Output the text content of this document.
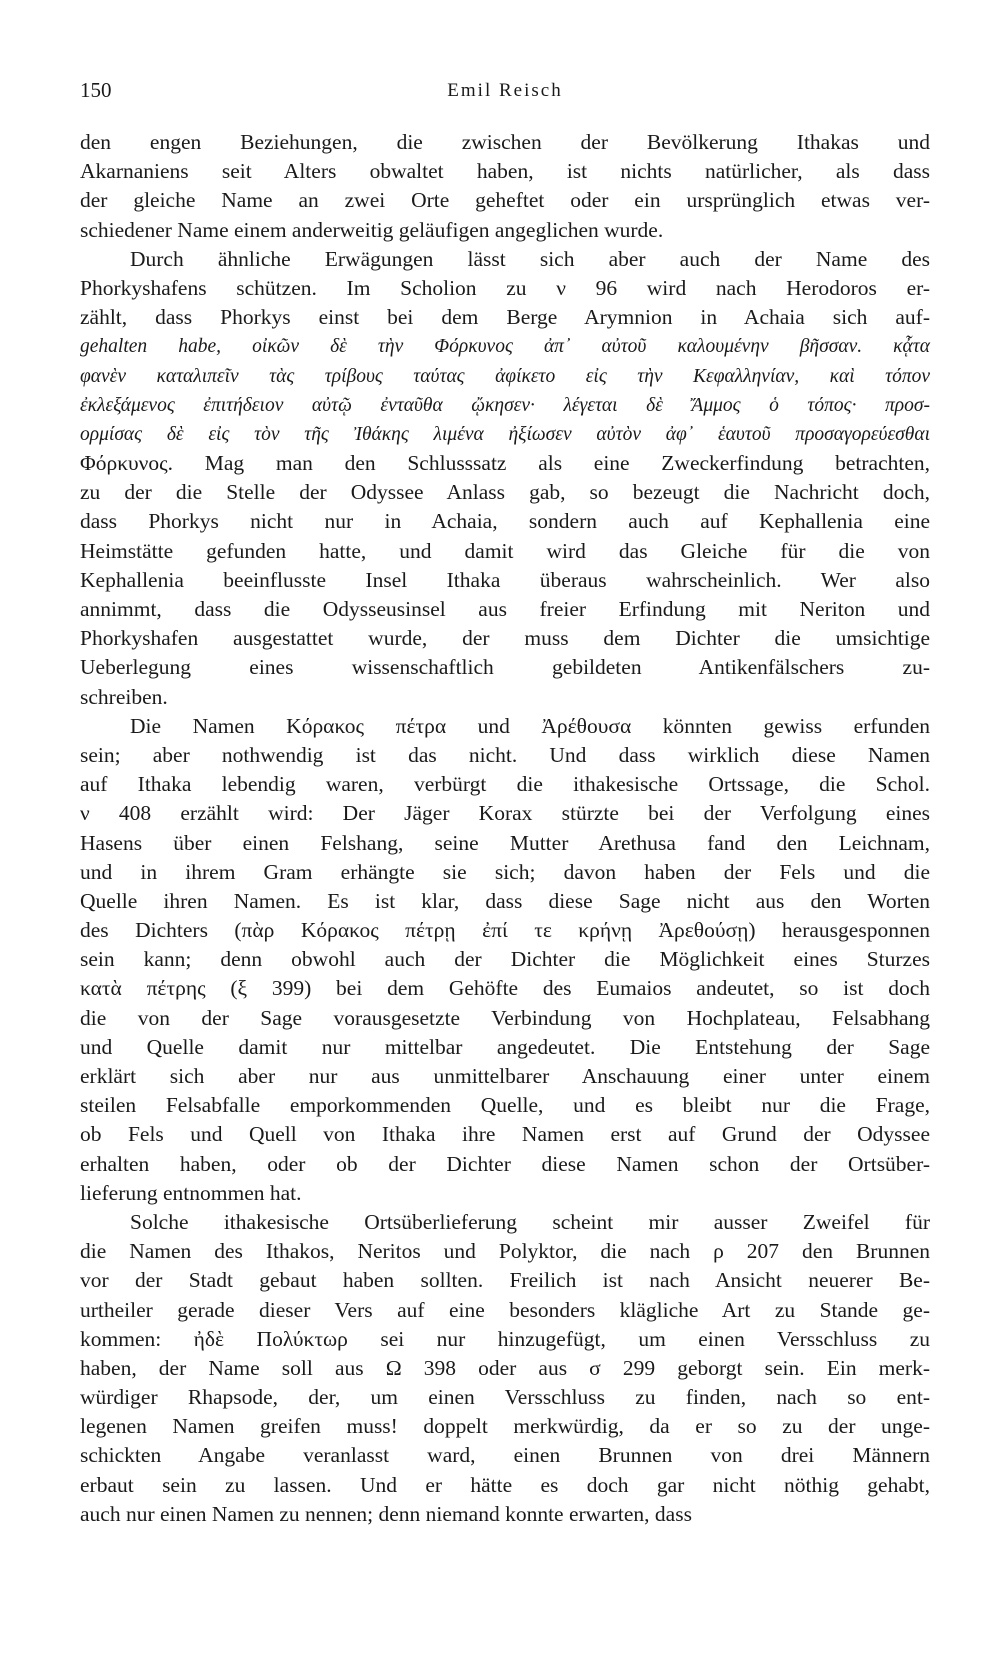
150	Emil Reisch
den engen Beziehungen, die zwischen der Bevölkerung Ithakas und
Akarnaniens seit Alters obwaltet haben, ist nichts natürlicher, als dass
der gleiche Name an zwei Orte geheftet oder ein ursprünglich etwas ver-
schiedener Name einem anderweitig geläufigen angeglichen wurde.
Durch ähnliche Erwägungen lässt sich aber auch der Name des
Phorkyshafens schützen. Im Scholion zu ν 96 wird nach Herodoros er-
zählt, dass Phorkys einst bei dem Berge Arymnion in Achaia sich auf-
gehalten habe, οἰκῶν δὲ τὴν Φόρκυνος ἀπ᾽ αὐτοῦ καλουμένην βῆσσαν. κᾆτα
φανὲν καταλιπεῖν τὰς τρίβους ταύτας ἀφίκετο εἰς τὴν Κεφαλληνίαν, καὶ τόπον
ἐκλεξάμενος ἐπιτήδειον αὐτῷ ἐνταῦθα ᾤκησεν· λέγεται δὲ Ἄμμος ὁ τόπος· προσ-
ορμίσας δὲ εἰς τὸν τῆς Ἰθάκης λιμένα ἠξίωσεν αὐτὸν ἀφ᾽ ἑαυτοῦ προσαγορεύεσθαι
Φόρκυνος. Mag man den Schlusssatz als eine Zweckerfindung betrachten,
zu der die Stelle der Odyssee Anlass gab, so bezeugt die Nachricht doch,
dass Phorkys nicht nur in Achaia, sondern auch auf Kephallenia eine
Heimstätte gefunden hatte, und damit wird das Gleiche für die von
Kephallenia beeinflusste Insel Ithaka überaus wahrscheinlich. Wer also
annimmt, dass die Odysseusinsel aus freier Erfindung mit Neriton und
Phorkyshafen ausgestattet wurde, der muss dem Dichter die umsichtige
Ueberlegung eines wissenschaftlich gebildeten Antikenfälschers zu-
schreiben.
Die Namen Κόρακος πέτρα und Ἀρέθουσα könnten gewiss erfunden
sein; aber nothwendig ist das nicht. Und dass wirklich diese Namen
auf Ithaka lebendig waren, verbürgt die ithakesische Ortssage, die Schol.
ν 408 erzählt wird: Der Jäger Korax stürzte bei der Verfolgung eines
Hasens über einen Felshang, seine Mutter Arethusa fand den Leichnam,
und in ihrem Gram erhängte sie sich; davon haben der Fels und die
Quelle ihren Namen. Es ist klar, dass diese Sage nicht aus den Worten
des Dichters (πὰρ Κόρακος πέτρῃ ἐπί τε κρήνῃ Ἀρεθούσῃ) herausgesponnen
sein kann; denn obwohl auch der Dichter die Möglichkeit eines Sturzes
κατὰ πέτρης (ξ 399) bei dem Gehöfte des Eumaios andeutet, so ist doch
die von der Sage vorausgesetzte Verbindung von Hochplateau, Felsabhang
und Quelle damit nur mittelbar angedeutet. Die Entstehung der Sage
erklärt sich aber nur aus unmittelbarer Anschauung einer unter einem
steilen Felsabfalle emporkommenden Quelle, und es bleibt nur die Frage,
ob Fels und Quell von Ithaka ihre Namen erst auf Grund der Odyssee
erhalten haben, oder ob der Dichter diese Namen schon der Ortsüber-
lieferung entnommen hat.
Solche ithakesische Ortsüberlieferung scheint mir ausser Zweifel für
die Namen des Ithakos, Neritos und Polyktor, die nach ρ 207 den Brunnen
vor der Stadt gebaut haben sollten. Freilich ist nach Ansicht neuerer Be-
urtheiler gerade dieser Vers auf eine besonders klägliche Art zu Stande ge-
kommen: ἠδὲ Πολύκτωρ sei nur hinzugefügt, um einen Versschluss zu
haben, der Name soll aus Ω 398 oder aus σ 299 geborgt sein. Ein merk-
würdiger Rhapsode, der, um einen Versschluss zu finden, nach so ent-
legenen Namen greifen muss! doppelt merkwürdig, da er so zu der unge-
schickten Angabe veranlasst ward, einen Brunnen von drei Männern
erbaut sein zu lassen. Und er hätte es doch gar nicht nöthig gehabt,
auch nur einen Namen zu nennen; denn niemand konnte erwarten, dass
